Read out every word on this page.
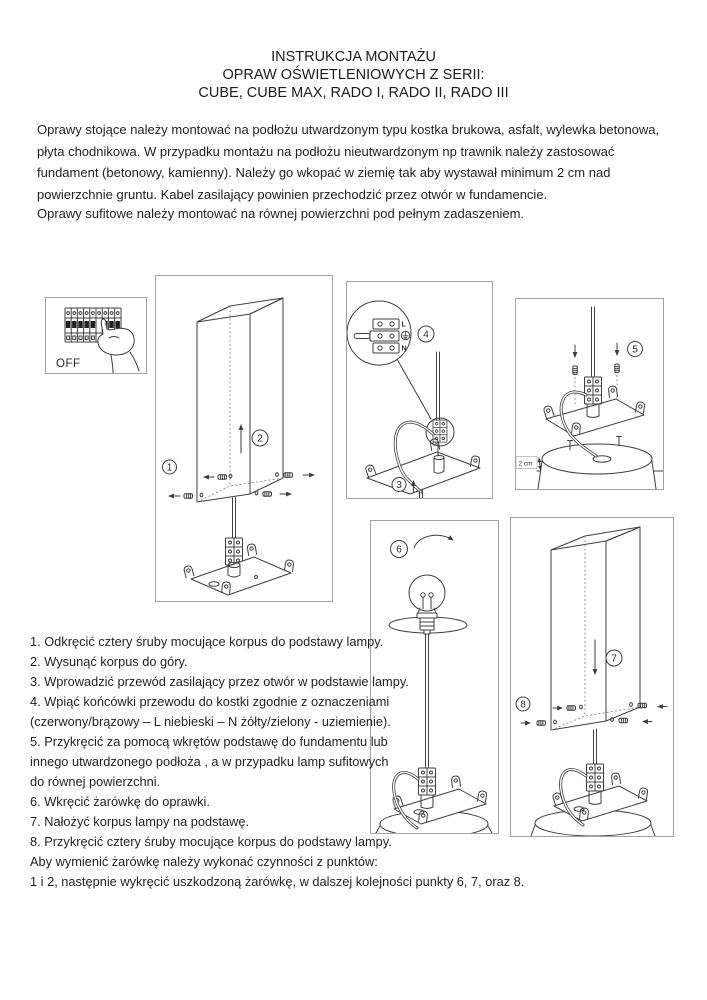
INSTRUKCJA MONTAŻU
OPRAW OŚWIETLENIOWYCH Z SERII:
CUBE, CUBE MAX, RADO I, RADO II, RADO III
Oprawy stojące należy montować na podłożu utwardzonym typu kostka brukowa, asfalt, wylewka betonowa,
płyta chodnikowa. W przypadku montażu na podłożu nieutwardzonym np trawnik należy zastosować
fundament (betonowy, kamienny). Należy go wkopać w ziemię tak aby wystawał minimum 2 cm nad
powierzchnie gruntu. Kabel zasilający powinien przechodzić przez otwór w fundamencie.
Oprawy sufitowe należy montować na równej powierzchni pod pełnym zadaszeniem.
OFF
1
2
L
N
4
3
5
2 cm
6
7
8
1. Odkręcić cztery śruby mocujące korpus do podstawy lampy.
2. Wysunąć korpus do góry.
3. Wprowadzić przewód zasilający przez otwór w podstawie lampy.
4. Wpiąć końcówki przewodu do kostki zgodnie z oznaczeniami
(czerwony/brązowy – L niebieski – N żółty/zielony - uziemienie).
5. Przykręcić za pomocą wkrętów podstawę do fundamentu lub
innego utwardzonego podłoża , a w przypadku lamp sufitowych
do równej powierzchni.
6. Wkręcić żarówkę do oprawki.
7. Nałożyć korpus lampy na podstawę.
8. Przykręcić cztery śruby mocujące korpus do podstawy lampy.
Aby wymienić żarówkę należy wykonać czynności z punktów:
1 i 2, następnie wykręcić uszkodzoną żarówkę, w dalszej kolejności punkty 6, 7, oraz 8.
